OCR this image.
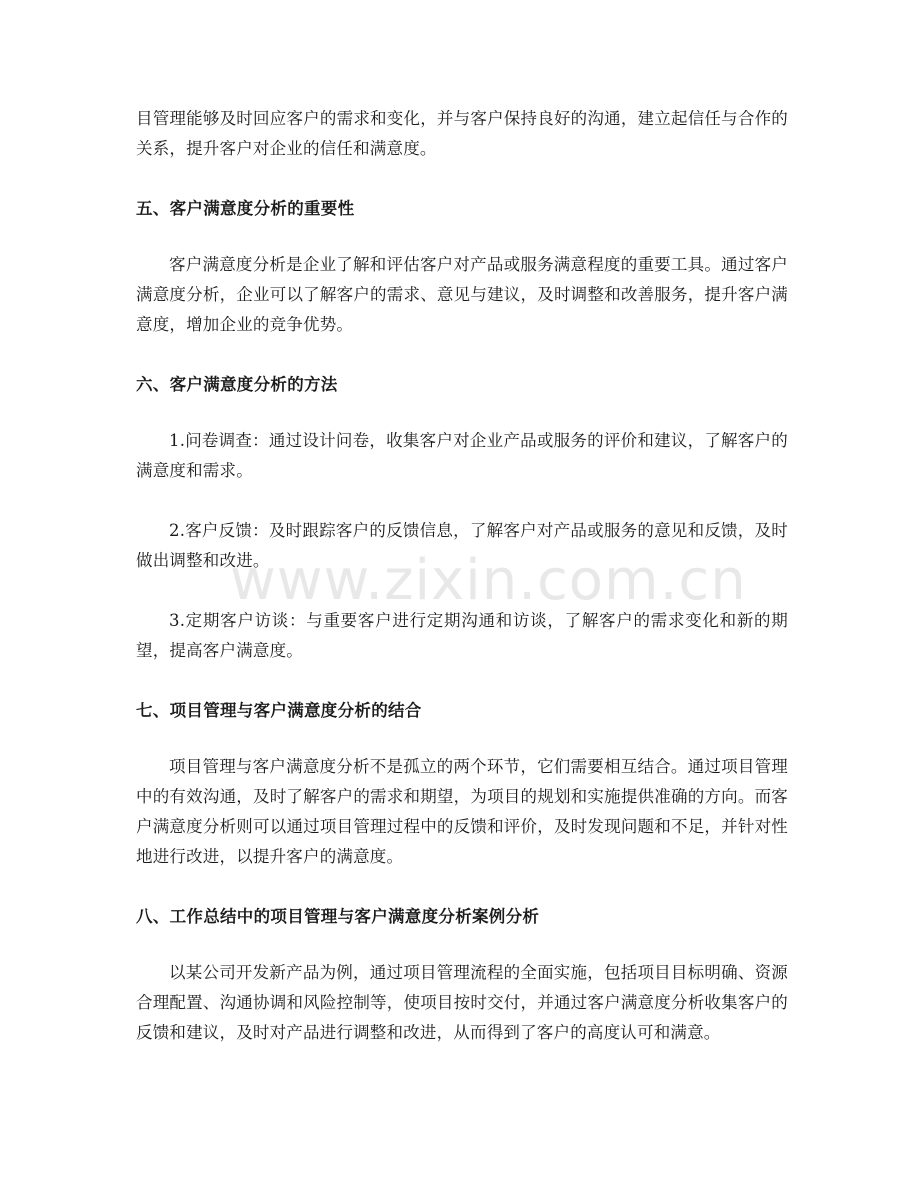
目管理能够及时回应客户的需求和变化，并与客户保持良好的沟通，建立起信任与合作的关系，提升客户对企业的信任和满意度。

五、客户满意度分析的重要性

客户满意度分析是企业了解和评估客户对产品或服务满意程度的重要工具。通过客户满意度分析，企业可以了解客户的需求、意见与建议，及时调整和改善服务，提升客户满意度，增加企业的竞争优势。

六、客户满意度分析的方法

1.问卷调查：通过设计问卷，收集客户对企业产品或服务的评价和建议，了解客户的满意度和需求。

2.客户反馈：及时跟踪客户的反馈信息，了解客户对产品或服务的意见和反馈，及时做出调整和改进。

3.定期客户访谈：与重要客户进行定期沟通和访谈，了解客户的需求变化和新的期望，提高客户满意度。

七、项目管理与客户满意度分析的结合

项目管理与客户满意度分析不是孤立的两个环节，它们需要相互结合。通过项目管理中的有效沟通，及时了解客户的需求和期望，为项目的规划和实施提供准确的方向。而客户满意度分析则可以通过项目管理过程中的反馈和评价，及时发现问题和不足，并针对性地进行改进，以提升客户的满意度。

八、工作总结中的项目管理与客户满意度分析案例分析

以某公司开发新产品为例，通过项目管理流程的全面实施，包括项目目标明确、资源合理配置、沟通协调和风险控制等，使项目按时交付，并通过客户满意度分析收集客户的反馈和建议，及时对产品进行调整和改进，从而得到了客户的高度认可和满意。

www.zixin.com.cn
